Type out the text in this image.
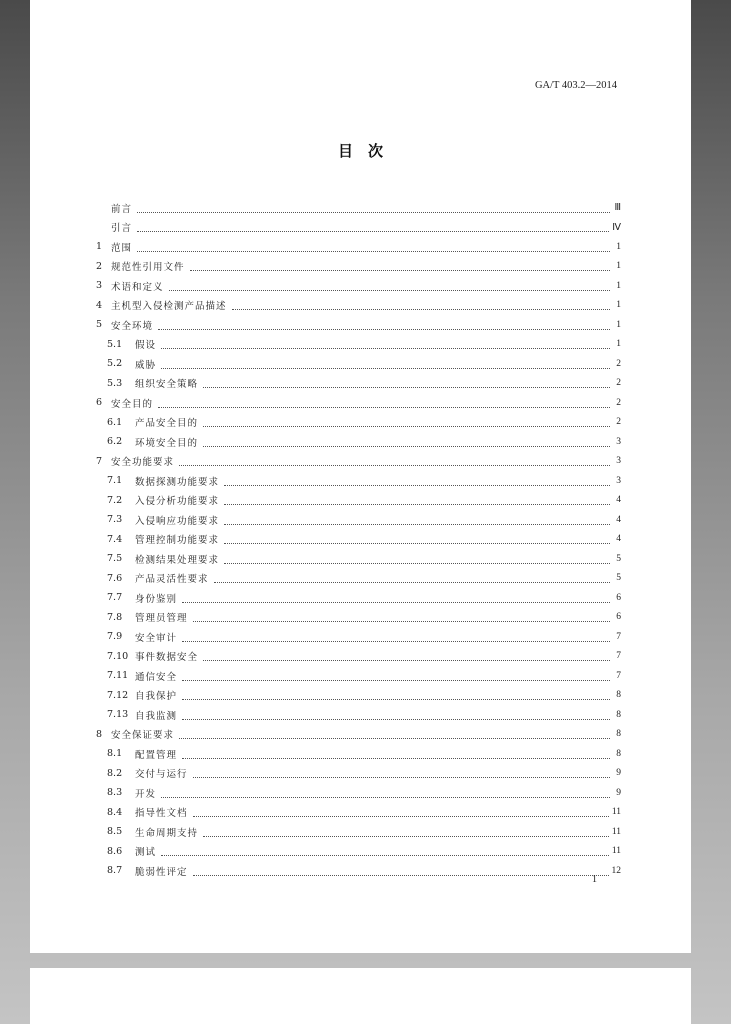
GA/T 403.2—2014
目　次
前言	Ⅲ
引言	Ⅳ
1 范围	1
2 规范性引用文件	1
3 术语和定义	1
4 主机型入侵检测产品描述	1
5 安全环境	1
5.1	假设	1
5.2	威胁	2
5.3	组织安全策略	2
6 安全目的	2
6.1	产品安全目的	2
6.2	环境安全目的	3
7 安全功能要求	3
7.1	数据探测功能要求	3
7.2	入侵分析功能要求	4
7.3	入侵响应功能要求	4
7.4	管理控制功能要求	4
7.5	检测结果处理要求	5
7.6	产品灵活性要求	5
7.7	身份鉴别	6
7.8	管理员管理	6
7.9	安全审计	7
7.10 事件数据安全	7
7.11 通信安全	7
7.12 自我保护	8
7.13 自我监测	8
8 安全保证要求	8
8.1	配置管理	8
8.2	交付与运行	9
8.3	开发	9
8.4	指导性文档	11
8.5	生命周期支持	11
8.6	测试	11
8.7	脆弱性评定	12
1
